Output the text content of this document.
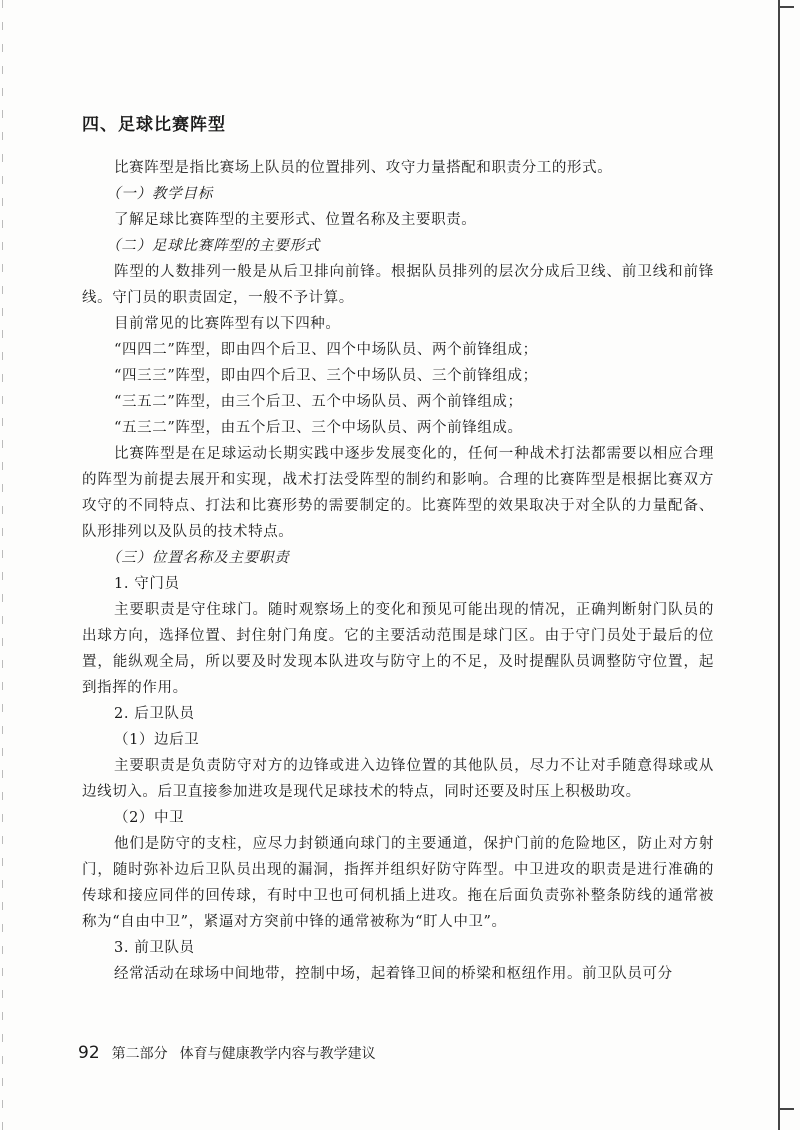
四、足球比赛阵型

比赛阵型是指比赛场上队员的位置排列、攻守力量搭配和职责分工的形式。

（一）教学目标

了解足球比赛阵型的主要形式、位置名称及主要职责。

（二）足球比赛阵型的主要形式

阵型的人数排列一般是从后卫排向前锋。根据队员排列的层次分成后卫线、前卫线和前锋线。守门员的职责固定，一般不予计算。

目前常见的比赛阵型有以下四种。

“四四二”阵型，即由四个后卫、四个中场队员、两个前锋组成；

“四三三”阵型，即由四个后卫、三个中场队员、三个前锋组成；

“三五二”阵型，由三个后卫、五个中场队员、两个前锋组成；

“五三二”阵型，由五个后卫、三个中场队员、两个前锋组成。

比赛阵型是在足球运动长期实践中逐步发展变化的，任何一种战术打法都需要以相应合理的阵型为前提去展开和实现，战术打法受阵型的制约和影响。合理的比赛阵型是根据比赛双方攻守的不同特点、打法和比赛形势的需要制定的。比赛阵型的效果取决于对全队的力量配备、队形排列以及队员的技术特点。

（三）位置名称及主要职责

1. 守门员

主要职责是守住球门。随时观察场上的变化和预见可能出现的情况，正确判断射门队员的出球方向，选择位置、封住射门角度。它的主要活动范围是球门区。由于守门员处于最后的位置，能纵观全局，所以要及时发现本队进攻与防守上的不足，及时提醒队员调整防守位置，起到指挥的作用。

2. 后卫队员

（1）边后卫

主要职责是负责防守对方的边锋或进入边锋位置的其他队员，尽力不让对手随意得球或从边线切入。后卫直接参加进攻是现代足球技术的特点，同时还要及时压上积极助攻。

（2）中卫

他们是防守的支柱，应尽力封锁通向球门的主要通道，保护门前的危险地区，防止对方射门，随时弥补边后卫队员出现的漏洞，指挥并组织好防守阵型。中卫进攻的职责是进行准确的传球和接应同伴的回传球，有时中卫也可伺机插上进攻。拖在后面负责弥补整条防线的通常被称为“自由中卫”，紧逼对方突前中锋的通常被称为“盯人中卫”。

3. 前卫队员

经常活动在球场中间地带，控制中场，起着锋卫间的桥梁和枢纽作用。前卫队员可分

92 第二部分 体育与健康教学内容与教学建议
